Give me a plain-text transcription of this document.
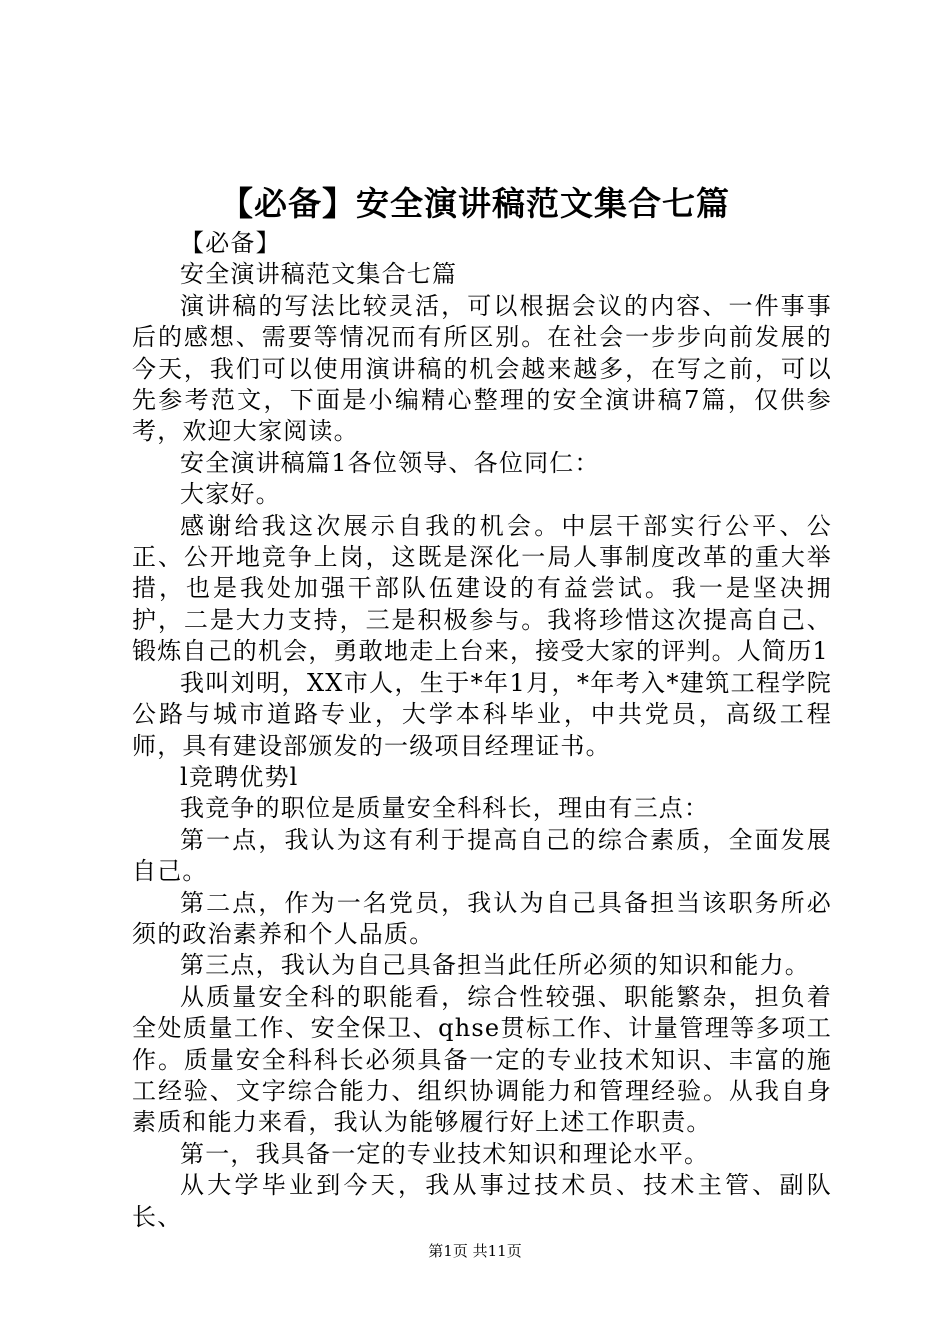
【必备】安全演讲稿范文集合七篇

【必备】

安全演讲稿范文集合七篇

演讲稿的写法比较灵活，可以根据会议的内容、一件事事后的感想、需要等情况而有所区别。在社会一步步向前发展的今天，我们可以使用演讲稿的机会越来越多，在写之前，可以先参考范文，下面是小编精心整理的安全演讲稿7篇，仅供参考，欢迎大家阅读。

安全演讲稿篇1各位领导、各位同仁：

大家好。

感谢给我这次展示自我的机会。中层干部实行公平、公正、公开地竞争上岗，这既是深化一局人事制度改革的重大举措，也是我处加强干部队伍建设的有益尝试。我一是坚决拥护，二是大力支持，三是积极参与。我将珍惜这次提高自己、锻炼自己的机会，勇敢地走上台来，接受大家的评判。人简历1

我叫刘明，XX市人，生于*年1月，*年考入*建筑工程学院公路与城市道路专业，大学本科毕业，中共党员，高级工程师，具有建设部颁发的一级项目经理证书。

l竞聘优势l

我竞争的职位是质量安全科科长，理由有三点：

第一点，我认为这有利于提高自己的综合素质，全面发展自己。

第二点，作为一名党员，我认为自己具备担当该职务所必须的政治素养和个人品质。

第三点，我认为自己具备担当此任所必须的知识和能力。

从质量安全科的职能看，综合性较强、职能繁杂，担负着全处质量工作、安全保卫、qhse贯标工作、计量管理等多项工作。质量安全科科长必须具备一定的专业技术知识、丰富的施工经验、文字综合能力、组织协调能力和管理经验。从我自身素质和能力来看，我认为能够履行好上述工作职责。

第一，我具备一定的专业技术知识和理论水平。

从大学毕业到今天，我从事过技术员、技术主管、副队长、

第1页 共11页
